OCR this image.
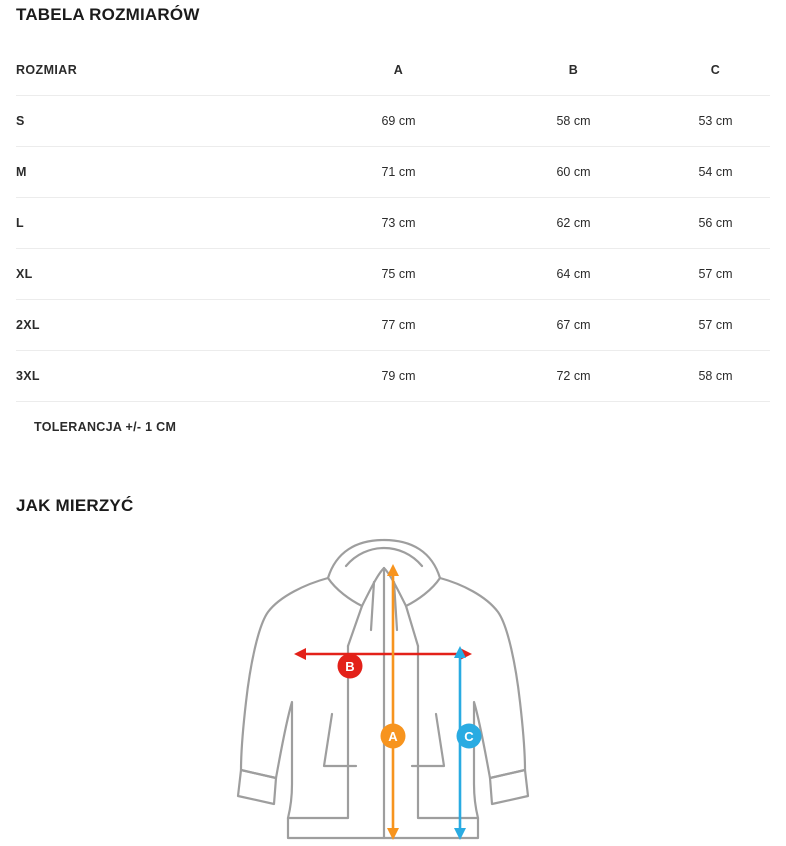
TABELA ROZMIARÓW
ROZMIAR	A	B	C
S	69 cm	58 cm	53 cm
M	71 cm	60 cm	54 cm
L	73 cm	62 cm	56 cm
XL	75 cm	64 cm	57 cm
2XL	77 cm	67 cm	57 cm
3XL	79 cm	72 cm	58 cm
TOLERANCJA +/- 1 CM
JAK MIERZYĆ
B
A	C
